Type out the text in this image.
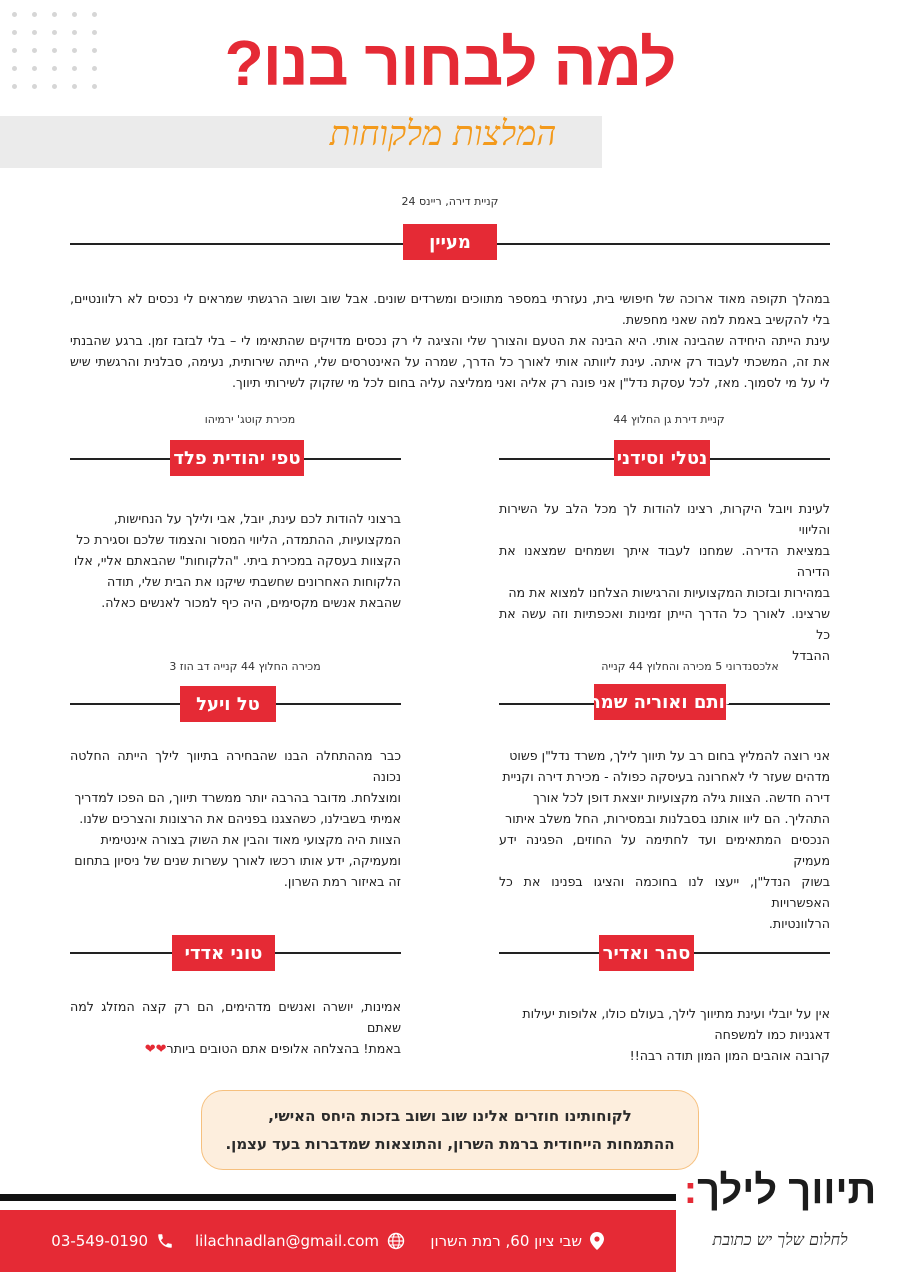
למה לבחור בנו?
המלצות מלקוחות
קניית דירה, ריינס 24
מעיין

במהלך תקופה מאוד ארוכה של חיפושי בית, נעזרתי במספר מתווכים ומשרדים שונים. אבל שוב ושוב הרגשתי שמראים לי נכסים לא רלוונטיים, בלי להקשיב באמת למה שאני מחפשת.

עינת הייתה היחידה שהבינה אותי. היא הבינה את הטעם והצורך שלי והציגה לי רק נכסים מדויקים שהתאימו לי – בלי לבזבז זמן. ברגע שהבנתי את זה, המשכתי לעבוד רק איתה. עינת ליוותה אותי לאורך כל הדרך, שמרה על האינטרסים שלי, הייתה שירותית, נעימה, סבלנית והרגשתי שיש לי על מי לסמוך. מאז, לכל עסקת נדל"ן אני פונה רק אליה ואני ממליצה עליה בחום לכל מי שזקוק לשירותי תיווך.

קניית דירת גן החלוץ 44
נטלי וסידני

לעינת ויובל היקרות, רצינו להודות לך מכל הלב על השירות והליווי

במציאת הדירה. שמחנו לעבוד איתך ושמחים שמצאנו את הדירה

במהירות ובזכות המקצועיות והרגישות הצלחנו למצוא את מה

שרצינו. לאורך כל הדרך הייתן זמינות ואכפתיות וזה עשה את כל

ההבדל

מכירת קוטג' ירמיהו
טפי יהודית פלד

ברצוני להודות לכם עינת, יובל, אבי ולילך על הנחישות,

המקצועיות, ההתמדה, הליווי המסור והצמוד שלכם וסגירת כל

הקצוות בעסקה במכירת ביתי. "הלקוחות" שהבאתם אליי, אלו

הלקוחות האחרונים שחשבתי שיקנו את הבית שלי, תודה

שהבאת אנשים מקסימים, היה כיף למכור לאנשים כאלה.

אלכסנדרוני 5 מכירה והחלוץ 44 קנייה
יותם ואוריה שמר

אני רוצה להמליץ בחום רב על תיווך לילך, משרד נדל"ן פשוט

מדהים שעזר לי לאחרונה בעיסקה כפולה - מכירת דירה וקניית

דירה חדשה. הצוות גילה מקצועיות יוצאת דופן לכל אורך

התהליך. הם ליוו אותנו בסבלנות ובמסירות, החל משלב איתור

הנכסים המתאימים ועד לחתימה על החוזים, הפגינה ידע מעמיק

בשוק הנדל"ן, ייעצו לנו בחוכמה והציגו בפנינו את כל האפשרויות

הרלוונטיות.

מכירה החלוץ 44 קנייה דב הוז 3
טל ויעל

כבר מההתחלה הבנו שהבחירה בתיווך לילך הייתה החלטה נכונה

ומוצלחת. מדובר בהרבה יותר ממשרד תיווך, הם הפכו למדריך

אמיתי בשבילנו, כשהצגנו בפניהם את הרצונות והצרכים שלנו.

הצוות היה מקצועי מאוד והבין את השוק בצורה אינטימית

ומעמיקה, ידע אותו רכשו לאורך עשרות שנים של ניסיון בתחום

זה באיזור רמת השרון.

סהר ואדיר

אין על יובלי ועינת מתיווך לילך, בעולם כולו, אלופות יעילות

דאגניות כמו למשפחה

קרובה אוהבים המון המון תודה רבה!!

טוני אדדי

אמינות, יושרה ואנשים מדהימים, הם רק קצה המזלג למה שאתם

באמת! בהצלחה אלופים אתם הטובים ביותר❤❤

לקוחותינו חוזרים אלינו שוב ושוב בזכות היחס האישי,
ההתמחות הייחודית ברמת השרון, והתוצאות שמדברות בעד עצמן.
תיווך לילך:
לחלום שלך יש כתובת
שבי ציון 60, רמת השרון
lilachnadlan@gmail.com
03-549-0190
